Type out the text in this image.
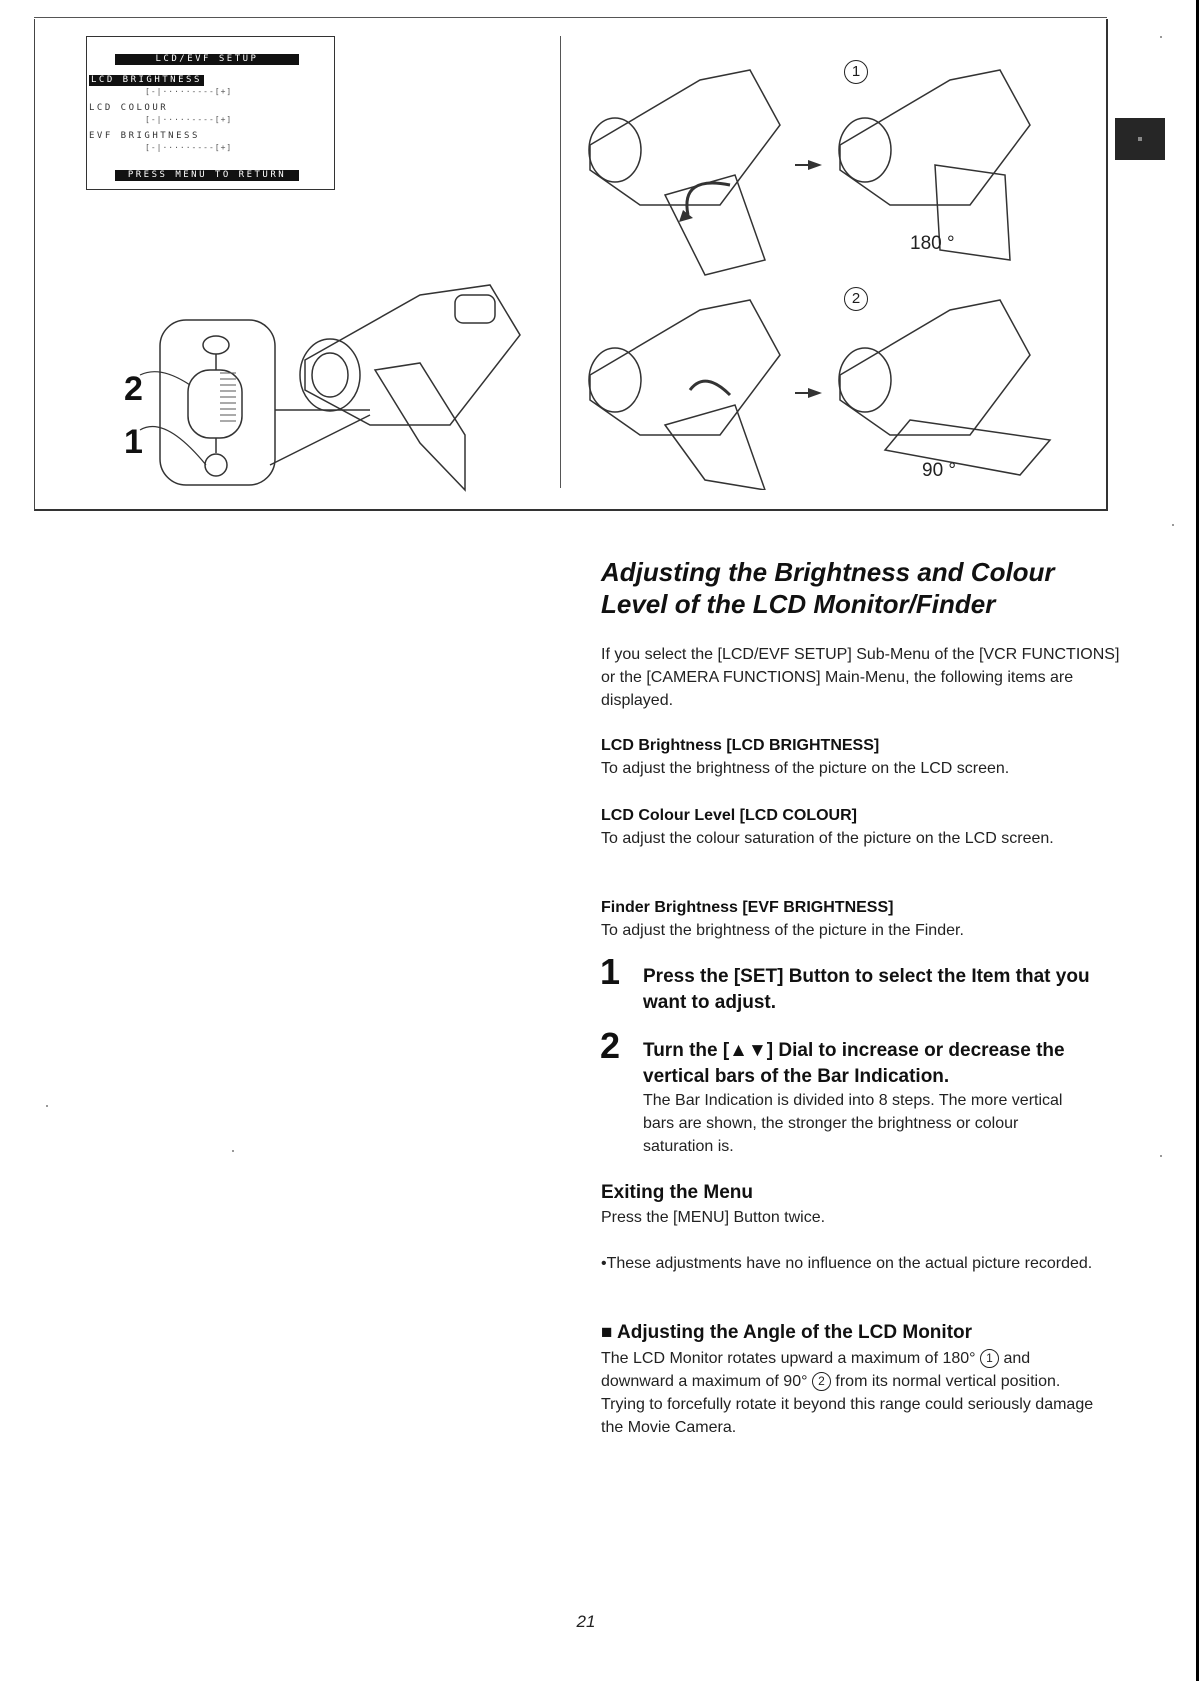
LCD/EVF SETUP
LCD BRIGHTNESS
[-|·····----[+]
LCD COLOUR
[-|·····----[+]
EVF BRIGHTNESS
[-|·····----[+]
PRESS MENU TO RETURN
2
1
1
2
180 °
90 °
Adjusting the Brightness and Colour
Level of the LCD Monitor/Finder
If you select the [LCD/EVF SETUP] Sub-Menu of the [VCR FUNCTIONS] or the [CAMERA FUNCTIONS] Main-Menu, the following items are displayed.
LCD Brightness [LCD BRIGHTNESS]
To adjust the brightness of the picture on the LCD screen.
LCD Colour Level [LCD COLOUR]
To adjust the colour saturation of the picture on the LCD screen.
Finder Brightness [EVF BRIGHTNESS]
To adjust the brightness of the picture in the Finder.
1 Press the [SET] Button to select the Item that you want to adjust.
2 Turn the [▲▼] Dial to increase or decrease the vertical bars of the Bar Indication.
The Bar Indication is divided into 8 steps. The more vertical bars are shown, the stronger the brightness or colour saturation is.
Exiting the Menu
Press the [MENU] Button twice.
•These adjustments have no influence on the actual picture recorded.
■ Adjusting the Angle of the LCD Monitor
The LCD Monitor rotates upward a maximum of 180° 1 and downward a maximum of 90° 2 from its normal vertical position. Trying to forcefully rotate it beyond this range could seriously damage the Movie Camera.
21
